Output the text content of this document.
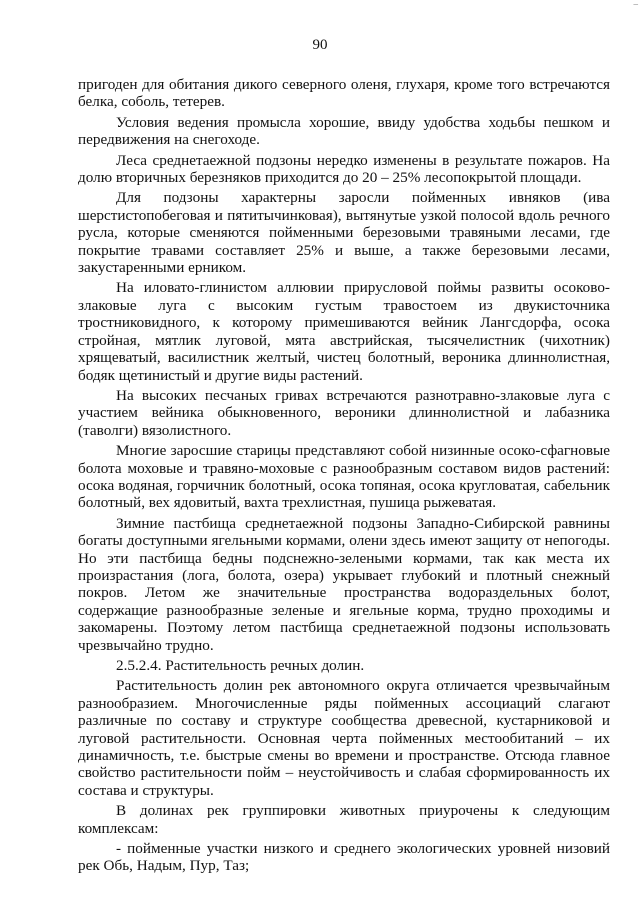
–
90

пригоден для обитания дикого северного оленя, глухаря, кроме того встречаются белка, соболь, тетерев.

Условия ведения промысла хорошие, ввиду удобства ходьбы пешком и передвижения на снегоходе.

Леса среднетаежной подзоны нередко изменены в результате пожаров. На долю вторичных березняков приходится до 20 – 25% лесопокрытой площади.

Для подзоны характерны заросли пойменных ивняков (ива шерстистопобеговая и пятитычинковая), вытянутые узкой полосой вдоль речного русла, которые сменяются пойменными березовыми травяными лесами, где покрытие травами составляет 25% и выше, а также березовыми лесами, закустаренными ерником.

На иловато-глинистом аллювии прирусловой поймы развиты осоково-злаковые луга с высоким густым травостоем из двукисточника тростниковидного, к которому примешиваются вейник Лангсдорфа, осока стройная, мятлик луговой, мята австрийская, тысячелистник (чихотник) хрящеватый, василистник желтый, чистец болотный, вероника длиннолистная, бодяк щетинистый и другие виды растений.

На высоких песчаных гривах встречаются разнотравно-злаковые луга с участием вейника обыкновенного, вероники длиннолистной и лабазника (таволги) вязолистного.

Многие заросшие старицы представляют собой низинные осоко-сфагновые болота моховые и травяно-моховые с разнообразным составом видов растений: осока водяная, горчичник болотный, осока топяная, осока кругловатая, сабельник болотный, вех ядовитый, вахта трехлистная, пушица рыжеватая.

Зимние пастбища среднетаежной подзоны Западно-Сибирской равнины богаты доступными ягельными кормами, олени здесь имеют защиту от непогоды. Но эти пастбища бедны подснежно-зелеными кормами, так как места их произрастания (лога, болота, озера) укрывает глубокий и плотный снежный покров. Летом же значительные пространства водораздельных болот, содержащие разнообразные зеленые и ягельные корма, трудно проходимы и закомарены. Поэтому летом пастбища среднетаежной подзоны использовать чрезвычайно трудно.

2.5.2.4. Растительность речных долин.

Растительность долин рек автономного округа отличается чрезвычайным разнообразием. Многочисленные ряды пойменных ассоциаций слагают различные по составу и структуре сообщества древесной, кустарниковой и луговой растительности. Основная черта пойменных местообитаний – их динамичность, т.е. быстрые смены во времени и пространстве. Отсюда главное свойство растительности пойм – неустойчивость и слабая сформированность их состава и структуры.

В долинах рек группировки животных приурочены к следующим комплексам:

- пойменные участки низкого и среднего экологических уровней низовий рек Обь, Надым, Пур, Таз;
